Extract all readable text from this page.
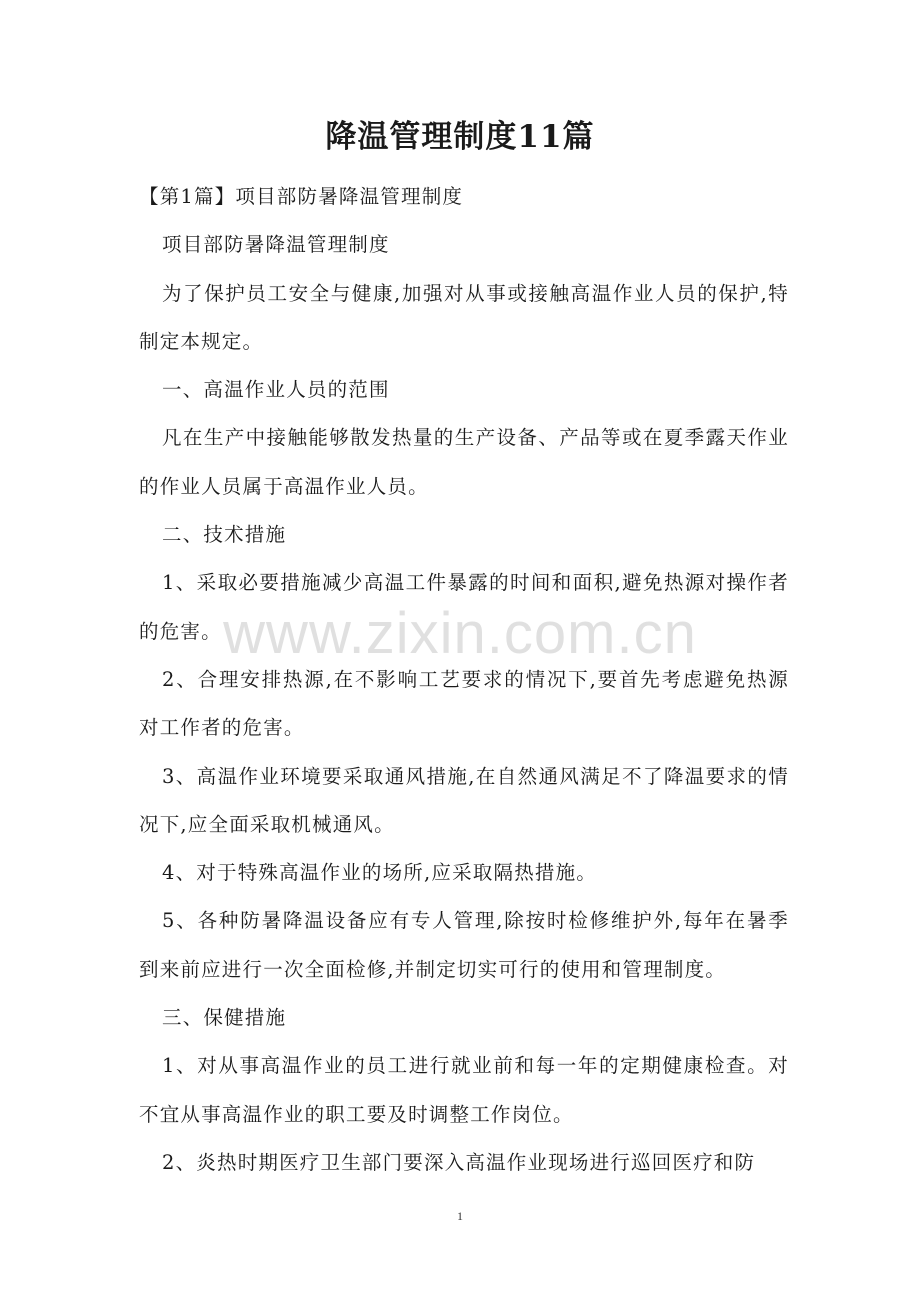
降温管理制度11篇

【第1篇】项目部防暑降温管理制度

项目部防暑降温管理制度

为了保护员工安全与健康,加强对从事或接触高温作业人员的保护,特制定本规定。

一、高温作业人员的范围

凡在生产中接触能够散发热量的生产设备、产品等或在夏季露天作业的作业人员属于高温作业人员。

二、技术措施

1、采取必要措施减少高温工件暴露的时间和面积,避免热源对操作者的危害。

2、合理安排热源,在不影响工艺要求的情况下,要首先考虑避免热源对工作者的危害。

3、高温作业环境要采取通风措施,在自然通风满足不了降温要求的情况下,应全面采取机械通风。

4、对于特殊高温作业的场所,应采取隔热措施。

5、各种防暑降温设备应有专人管理,除按时检修维护外,每年在暑季到来前应进行一次全面检修,并制定切实可行的使用和管理制度。

三、保健措施

1、对从事高温作业的员工进行就业前和每一年的定期健康检查。对不宜从事高温作业的职工要及时调整工作岗位。

2、炎热时期医疗卫生部门要深入高温作业现场进行巡回医疗和防

www.zixin.com.cn
1
